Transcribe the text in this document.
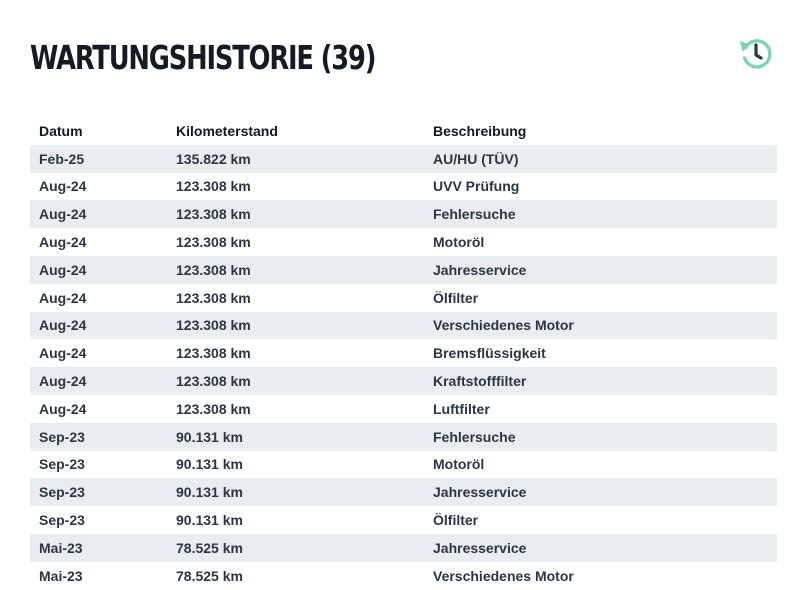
WARTUNGSHISTORIE (39)
Datum	Kilometerstand	Beschreibung
Feb-25	135.822 km	AU/HU (TÜV)
Aug-24	123.308 km	UVV Prüfung
Aug-24	123.308 km	Fehlersuche
Aug-24	123.308 km	Motoröl
Aug-24	123.308 km	Jahresservice
Aug-24	123.308 km	Ölfilter
Aug-24	123.308 km	Verschiedenes Motor
Aug-24	123.308 km	Bremsflüssigkeit
Aug-24	123.308 km	Kraftstofffilter
Aug-24	123.308 km	Luftfilter
Sep-23	90.131 km	Fehlersuche
Sep-23	90.131 km	Motoröl
Sep-23	90.131 km	Jahresservice
Sep-23	90.131 km	Ölfilter
Mai-23	78.525 km	Jahresservice
Mai-23	78.525 km	Verschiedenes Motor
